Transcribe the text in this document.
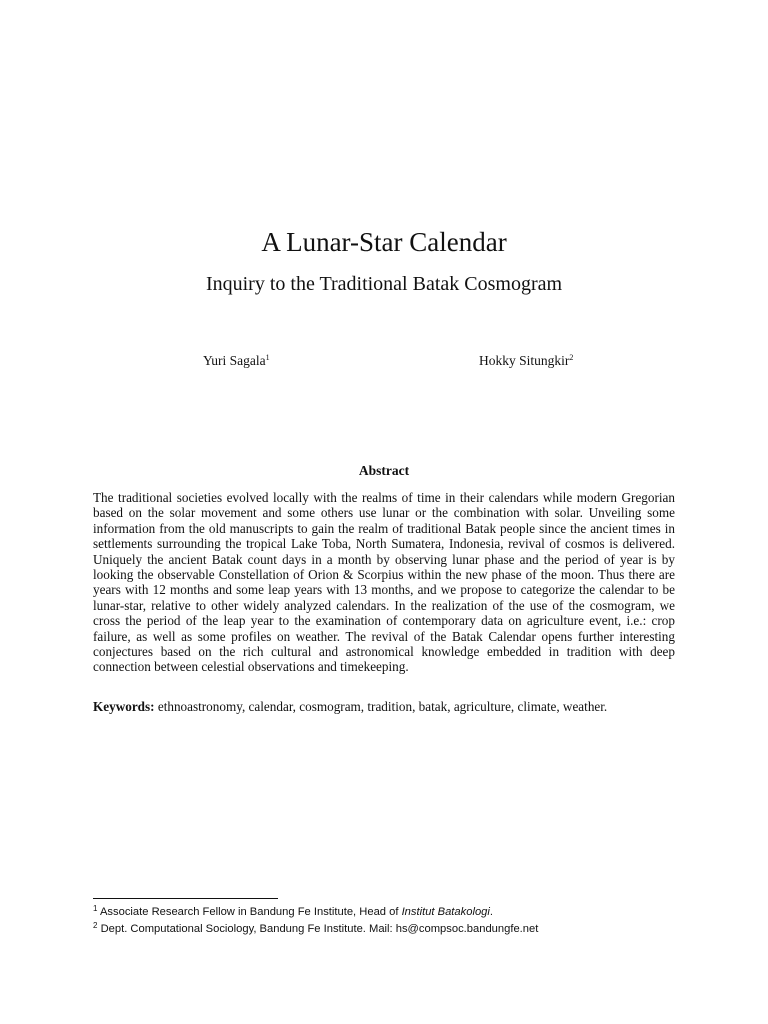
A Lunar-Star Calendar
Inquiry to the Traditional Batak Cosmogram
Yuri Sagala$^1$	Hokky Situngkir$^2$
Abstract

The traditional societies evolved locally with the realms of time in their calendars while modern Gregorian based on the solar movement and some others use lunar or the combination with solar. Unveiling some information from the old manuscripts to gain the realm of traditional Batak people since the ancient times in settlements surrounding the tropical Lake Toba, North Sumatera, Indonesia, revival of cosmos is delivered. Uniquely the ancient Batak count days in a month by observing lunar phase and the period of year is by looking the observable Constellation of Orion & Scorpius within the new phase of the moon. Thus there are years with 12 months and some leap years with 13 months, and we propose to categorize the calendar to be lunar-star, relative to other widely analyzed calendars. In the realization of the use of the cosmogram, we cross the period of the leap year to the examination of contemporary data on agriculture event, i.e.: crop failure, as well as some profiles on weather. The revival of the Batak Calendar opens further interesting conjectures based on the rich cultural and astronomical knowledge embedded in tradition with deep connection between celestial observations and timekeeping.

Keywords: ethnoastronomy, calendar, cosmogram, tradition, batak, agriculture, climate, weather.

$^1$ Associate Research Fellow in Bandung Fe Institute, Head of Institut Batakologi.

$^2$ Dept. Computational Sociology, Bandung Fe Institute. Mail: hs@compsoc.bandungfe.net
